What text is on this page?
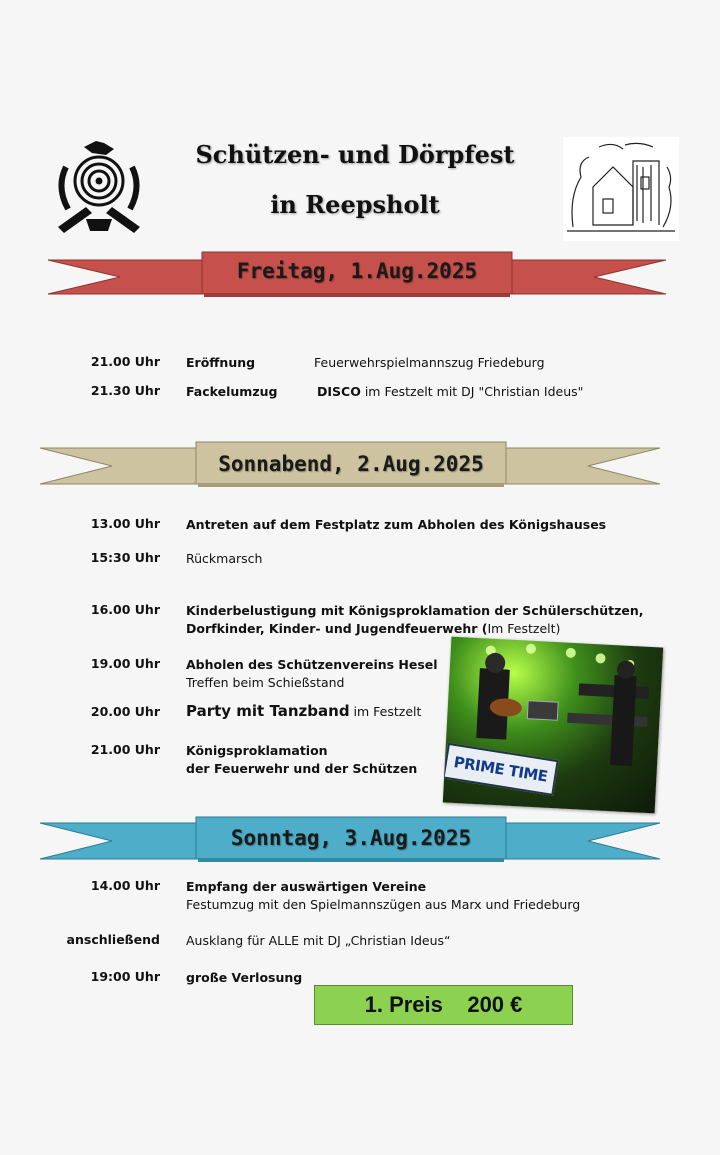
Schützen- und Dörpfest
in Reepsholt
Freitag, 1.Aug.2025
21.00 Uhr Eröffnung	Feuerwehrspielmannszug Friedeburg
21.30 Uhr Fackelumzug	DISCO im Festzelt mit DJ "Christian Ideus"
Sonnabend, 2.Aug.2025
13.00 Uhr Antreten auf dem Festplatz zum Abholen des Königshauses
15:30 Uhr Rückmarsch
16.00 Uhr Kinderbelustigung mit Königsproklamation der Schülerschützen,
Dorfkinder, Kinder- und Jugendfeuerwehr (Im Festzelt)
19.00 Uhr Abholen des Schützenvereins Hesel
Treffen beim Schießstand
20.00 Uhr Party mit Tanzband im Festzelt
21.00 Uhr Königsproklamation
der Feuerwehr und der Schützen	PRIME TIME
Sonntag, 3.Aug.2025
14.00 Uhr Empfang der auswärtigen Vereine
Festumzug mit den Spielmannszügen aus Marx und Friedeburg
anschließend Ausklang für ALLE mit DJ „Christian Ideus“
19:00 Uhr große Verlosung
1. Preis    200 €
